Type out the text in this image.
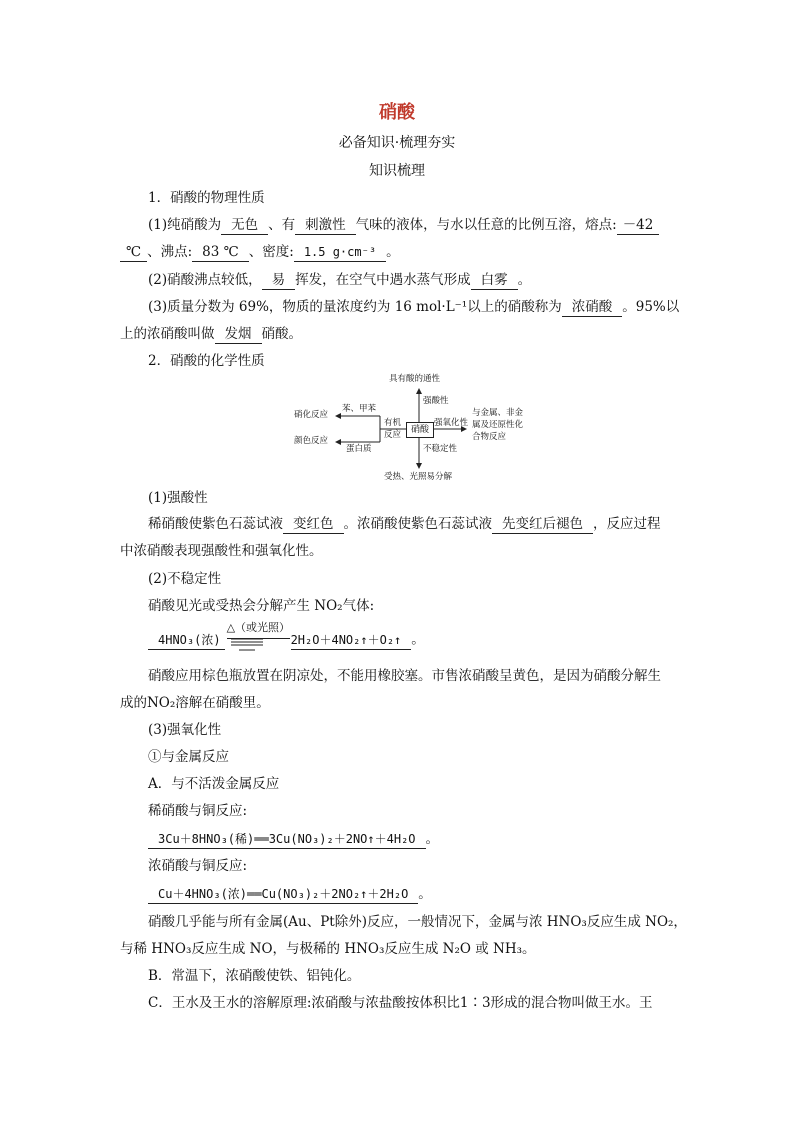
硝酸
必备知识·梳理夯实
知识梳理
1．硝酸的物理性质
(1)纯硝酸为 无色 、有 刺激性 气味的液体，与水以任意的比例互溶，熔点: －42
℃ 、沸点: 83 ℃ 、密度: 1.5 g·cm⁻³ 。
(2)硝酸沸点较低， 易 挥发，在空气中遇水蒸气形成 白雾 。
(3)质量分数为 69%，物质的量浓度约为 16 mol·L⁻¹以上的硝酸称为 浓硝酸 。95%以
上的浓硝酸叫做 发烟 硝酸。
2．硝酸的化学性质
硝酸
具有酸的通性
强酸性
强氧化性
与金属、非金
属及还原性化
合物反应
不稳定性
受热、光照易分解
硝化反应
苯、甲苯
颜色反应
蛋白质
有机
反应
(1)强酸性
稀硝酸使紫色石蕊试液 变红色 。浓硝酸使紫色石蕊试液 先变红后褪色 ，反应过程
中浓硝酸表现强酸性和强氧化性。
(2)不稳定性
硝酸见光或受热会分解产生 NO₂气体:
4HNO₃(浓)
△（或光照）
2H₂O＋4NO₂↑＋O₂↑ 。
硝酸应用棕色瓶放置在阴凉处，不能用橡胶塞。市售浓硝酸呈黄色，是因为硝酸分解生
成的NO₂溶解在硝酸里。
(3)强氧化性
①与金属反应
A．与不活泼金属反应
稀硝酸与铜反应:
3Cu＋8HNO₃(稀)══3Cu(NO₃)₂＋2NO↑＋4H₂O 。
浓硝酸与铜反应:
Cu＋4HNO₃(浓)══Cu(NO₃)₂＋2NO₂↑＋2H₂O 。
硝酸几乎能与所有金属(Au、Pt除外)反应，一般情况下，金属与浓 HNO₃反应生成 NO₂，
与稀 HNO₃反应生成 NO，与极稀的 HNO₃反应生成 N₂O 或 NH₃。
B．常温下，浓硝酸使铁、铝钝化。
C．王水及王水的溶解原理:浓硝酸与浓盐酸按体积比1∶3形成的混合物叫做王水。王
